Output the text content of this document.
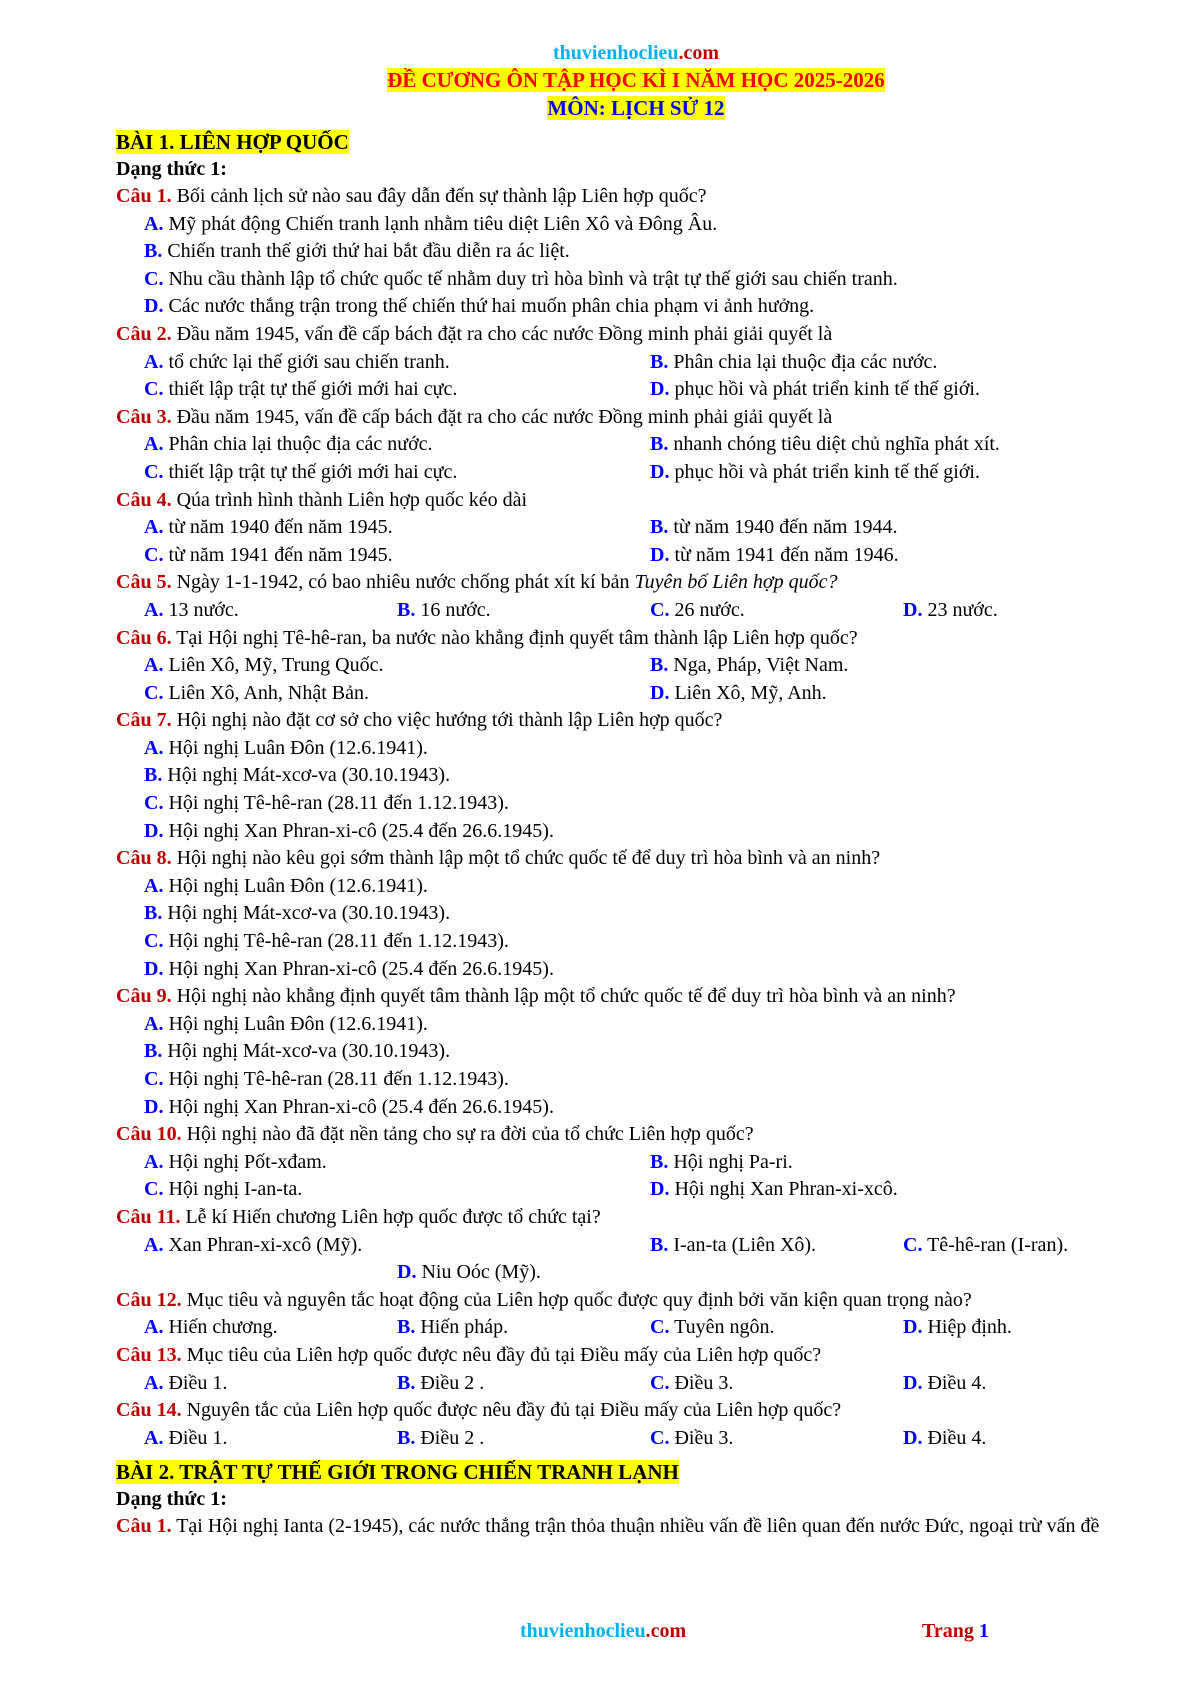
thuvienhoclieu.com
ĐỀ CƯƠNG ÔN TẬP HỌC KÌ I NĂM HỌC 2025-2026
MÔN: LỊCH SỬ 12
BÀI 1. LIÊN HỢP QUỐC
Dạng thức 1:
Câu 1. Bối cảnh lịch sử nào sau đây dẫn đến sự thành lập Liên hợp quốc?
A. Mỹ phát động Chiến tranh lạnh nhằm tiêu diệt Liên Xô và Đông Âu.
B. Chiến tranh thế giới thứ hai bắt đầu diễn ra ác liệt.
C. Nhu cầu thành lập tổ chức quốc tế nhằm duy trì hòa bình và trật tự thế giới sau chiến tranh.
D. Các nước thắng trận trong thế chiến thứ hai muốn phân chia phạm vi ảnh hưởng.
Câu 2. Đầu năm 1945, vấn đề cấp bách đặt ra cho các nước Đồng minh phải giải quyết là
A. tổ chức lại thế giới sau chiến tranh.	B. Phân chia lại thuộc địa các nước.
C. thiết lập trật tự thế giới mới hai cực.	D. phục hồi và phát triển kinh tế thế giới.
Câu 3. Đầu năm 1945, vấn đề cấp bách đặt ra cho các nước Đồng minh phải giải quyết là
A. Phân chia lại thuộc địa các nước.	B. nhanh chóng tiêu diệt chủ nghĩa phát xít.
C. thiết lập trật tự thế giới mới hai cực.	D. phục hồi và phát triển kinh tế thế giới.
Câu 4. Qúa trình hình thành Liên hợp quốc kéo dài
A. từ năm 1940 đến năm 1945.	B. từ năm 1940 đến năm 1944.
C. từ năm 1941 đến năm 1945.	D. từ năm 1941 đến năm 1946.
Câu 5. Ngày 1-1-1942, có bao nhiêu nước chống phát xít kí bản Tuyên bố Liên hợp quốc?
A. 13 nước.	B. 16 nước.	C. 26 nước.	D. 23 nước.
Câu 6. Tại Hội nghị Tê-hê-ran, ba nước nào khẳng định quyết tâm thành lập Liên hợp quốc?
A. Liên Xô, Mỹ, Trung Quốc.	B. Nga, Pháp, Việt Nam.
C. Liên Xô, Anh, Nhật Bản.	D. Liên Xô, Mỹ, Anh.
Câu 7. Hội nghị nào đặt cơ sở cho việc hướng tới thành lập Liên hợp quốc?
A. Hội nghị Luân Đôn (12.6.1941).
B. Hội nghị Mát-xcơ-va (30.10.1943).
C. Hội nghị Tê-hê-ran (28.11 đến 1.12.1943).
D. Hội nghị Xan Phran-xi-cô (25.4 đến 26.6.1945).
Câu 8. Hội nghị nào kêu gọi sớm thành lập một tổ chức quốc tế để duy trì hòa bình và an ninh?
A. Hội nghị Luân Đôn (12.6.1941).
B. Hội nghị Mát-xcơ-va (30.10.1943).
C. Hội nghị Tê-hê-ran (28.11 đến 1.12.1943).
D. Hội nghị Xan Phran-xi-cô (25.4 đến 26.6.1945).
Câu 9. Hội nghị nào khẳng định quyết tâm thành lập một tổ chức quốc tế để duy trì hòa bình và an ninh?
A. Hội nghị Luân Đôn (12.6.1941).
B. Hội nghị Mát-xcơ-va (30.10.1943).
C. Hội nghị Tê-hê-ran (28.11 đến 1.12.1943).
D. Hội nghị Xan Phran-xi-cô (25.4 đến 26.6.1945).
Câu 10. Hội nghị nào đã đặt nền tảng cho sự ra đời của tổ chức Liên hợp quốc?
A. Hội nghị Pốt-xđam.	B. Hội nghị Pa-ri.
C. Hội nghị I-an-ta.	D. Hội nghị Xan Phran-xi-xcô.
Câu 11. Lễ kí Hiến chương Liên hợp quốc được tổ chức tại?
A. Xan Phran-xi-xcô (Mỹ).	B. I-an-ta (Liên Xô).	C. Tê-hê-ran (I-ran).
D. Niu Oóc (Mỹ).
Câu 12. Mục tiêu và nguyên tắc hoạt động của Liên hợp quốc được quy định bởi văn kiện quan trọng nào?
A. Hiến chương.	B. Hiến pháp.	C. Tuyên ngôn.	D. Hiệp định.
Câu 13. Mục tiêu của Liên hợp quốc được nêu đầy đủ tại Điều mấy của Liên hợp quốc?
A. Điều 1.	B. Điều 2 .	C. Điều 3.	D. Điều 4.
Câu 14. Nguyên tắc của Liên hợp quốc được nêu đầy đủ tại Điều mấy của Liên hợp quốc?
A. Điều 1.	B. Điều 2 .	C. Điều 3.	D. Điều 4.
BÀI 2. TRẬT TỰ THẾ GIỚI TRONG CHIẾN TRANH LẠNH
Dạng thức 1:
Câu 1. Tại Hội nghị Ianta (2-1945), các nước thắng trận thỏa thuận nhiều vấn đề liên quan đến nước Đức, ngoại trừ vấn đề
thuvienhoclieu.com	Trang 1
